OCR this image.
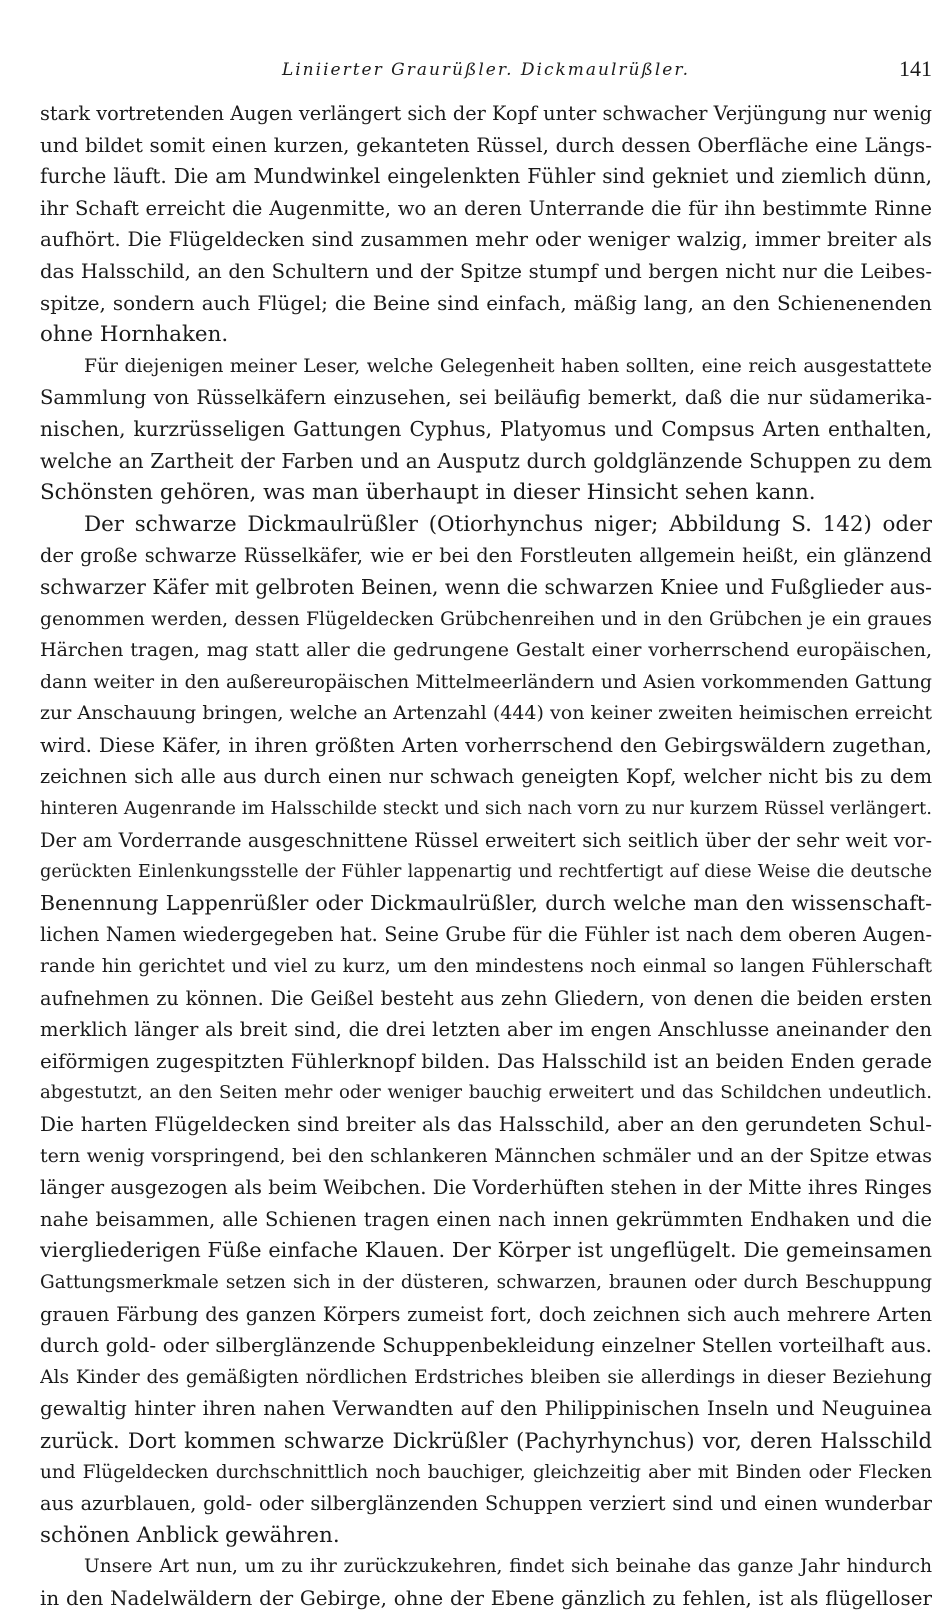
Liniierter Graurüßler. Dickmaulrüßler.	141
stark vortretenden Augen verlängert sich der Kopf unter schwacher Verjüngung nur wenig
und bildet somit einen kurzen, gekanteten Rüssel, durch dessen Oberfläche eine Längs-
furche läuft. Die am Mundwinkel eingelenkten Fühler sind gekniet und ziemlich dünn,
ihr Schaft erreicht die Augenmitte, wo an deren Unterrande die für ihn bestimmte Rinne
aufhört. Die Flügeldecken sind zusammen mehr oder weniger walzig, immer breiter als
das Halsschild, an den Schultern und der Spitze stumpf und bergen nicht nur die Leibes-
spitze, sondern auch Flügel; die Beine sind einfach, mäßig lang, an den Schienenenden
ohne Hornhaken.
Für diejenigen meiner Leser, welche Gelegenheit haben sollten, eine reich ausgestattete
Sammlung von Rüsselkäfern einzusehen, sei beiläufig bemerkt, daß die nur südamerika-
nischen, kurzrüsseligen Gattungen Cyphus, Platyomus und Compsus Arten enthalten,
welche an Zartheit der Farben und an Ausputz durch goldglänzende Schuppen zu dem
Schönsten gehören, was man überhaupt in dieser Hinsicht sehen kann.
Der schwarze Dickmaulrüßler (Otiorhynchus niger; Abbildung S. 142) oder
der große schwarze Rüsselkäfer, wie er bei den Forstleuten allgemein heißt, ein glänzend
schwarzer Käfer mit gelbroten Beinen, wenn die schwarzen Kniee und Fußglieder aus-
genommen werden, dessen Flügeldecken Grübchenreihen und in den Grübchen je ein graues
Härchen tragen, mag statt aller die gedrungene Gestalt einer vorherrschend europäischen,
dann weiter in den außereuropäischen Mittelmeerländern und Asien vorkommenden Gattung
zur Anschauung bringen, welche an Artenzahl (444) von keiner zweiten heimischen erreicht
wird. Diese Käfer, in ihren größten Arten vorherrschend den Gebirgswäldern zugethan,
zeichnen sich alle aus durch einen nur schwach geneigten Kopf, welcher nicht bis zu dem
hinteren Augenrande im Halsschilde steckt und sich nach vorn zu nur kurzem Rüssel verlängert.
Der am Vorderrande ausgeschnittene Rüssel erweitert sich seitlich über der sehr weit vor-
gerückten Einlenkungsstelle der Fühler lappenartig und rechtfertigt auf diese Weise die deutsche
Benennung Lappenrüßler oder Dickmaulrüßler, durch welche man den wissenschaft-
lichen Namen wiedergegeben hat. Seine Grube für die Fühler ist nach dem oberen Augen-
rande hin gerichtet und viel zu kurz, um den mindestens noch einmal so langen Fühlerschaft
aufnehmen zu können. Die Geißel besteht aus zehn Gliedern, von denen die beiden ersten
merklich länger als breit sind, die drei letzten aber im engen Anschlusse aneinander den
eiförmigen zugespitzten Fühlerknopf bilden. Das Halsschild ist an beiden Enden gerade
abgestutzt, an den Seiten mehr oder weniger bauchig erweitert und das Schildchen undeutlich.
Die harten Flügeldecken sind breiter als das Halsschild, aber an den gerundeten Schul-
tern wenig vorspringend, bei den schlankeren Männchen schmäler und an der Spitze etwas
länger ausgezogen als beim Weibchen. Die Vorderhüften stehen in der Mitte ihres Ringes
nahe beisammen, alle Schienen tragen einen nach innen gekrümmten Endhaken und die
viergliederigen Füße einfache Klauen. Der Körper ist ungeflügelt. Die gemeinsamen
Gattungsmerkmale setzen sich in der düsteren, schwarzen, braunen oder durch Beschuppung
grauen Färbung des ganzen Körpers zumeist fort, doch zeichnen sich auch mehrere Arten
durch gold- oder silberglänzende Schuppenbekleidung einzelner Stellen vorteilhaft aus.
Als Kinder des gemäßigten nördlichen Erdstriches bleiben sie allerdings in dieser Beziehung
gewaltig hinter ihren nahen Verwandten auf den Philippinischen Inseln und Neuguinea
zurück. Dort kommen schwarze Dickrüßler (Pachyrhynchus) vor, deren Halsschild
und Flügeldecken durchschnittlich noch bauchiger, gleichzeitig aber mit Binden oder Flecken
aus azurblauen, gold- oder silberglänzenden Schuppen verziert sind und einen wunderbar
schönen Anblick gewähren.
Unsere Art nun, um zu ihr zurückzukehren, findet sich beinahe das ganze Jahr hindurch
in den Nadelwäldern der Gebirge, ohne der Ebene gänzlich zu fehlen, ist als flügelloser
